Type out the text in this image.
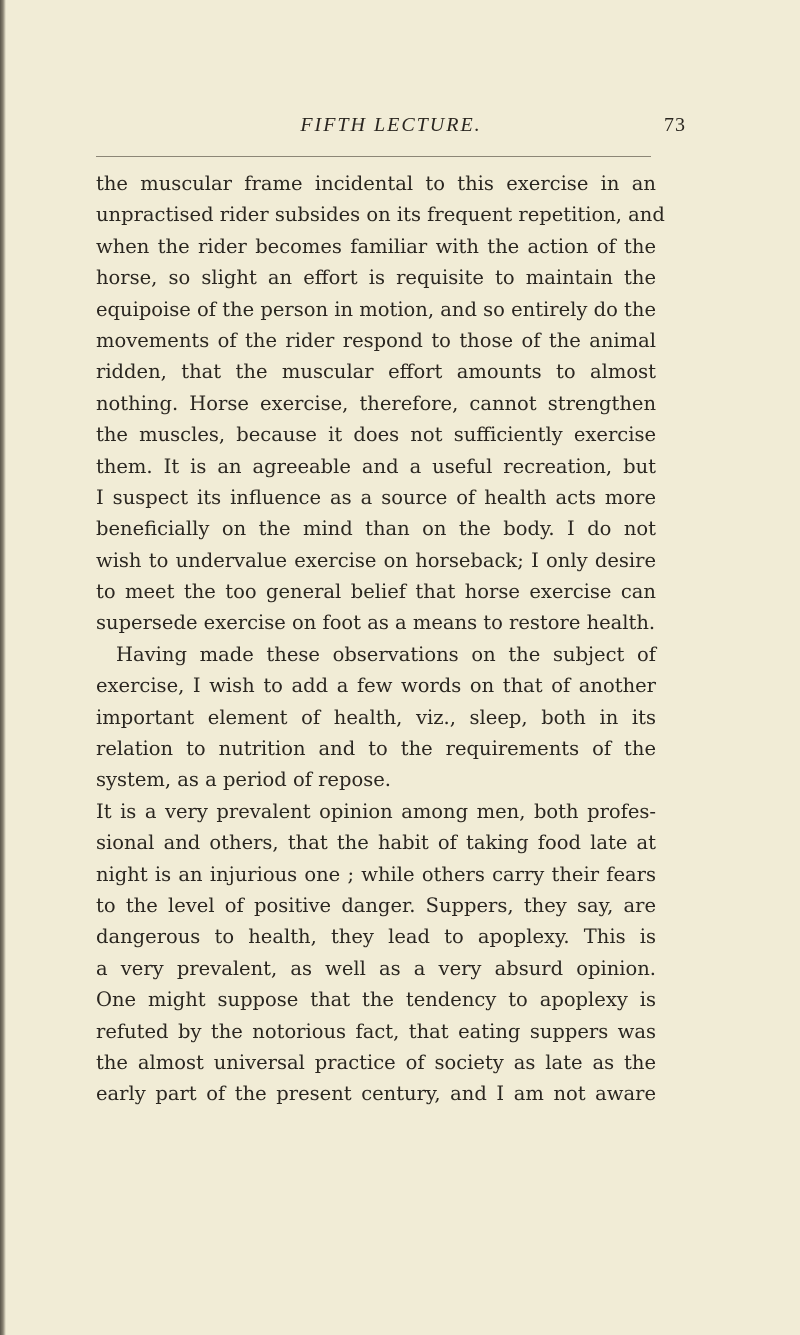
FIFTH LECTURE.	73
the muscular frame incidental to this exercise in an
unpractised rider subsides on its frequent repetition, and
when the rider becomes familiar with the action of the
horse, so slight an effort is requisite to maintain the
equipoise of the person in motion, and so entirely do the
movements of the rider respond to those of the animal
ridden, that the muscular effort amounts to almost
nothing. Horse exercise, therefore, cannot strengthen
the muscles, because it does not sufficiently exercise
them. It is an agreeable and a useful recreation, but
I suspect its influence as a source of health acts more
beneficially on the mind than on the body. I do not
wish to undervalue exercise on horseback; I only desire
to meet the too general belief that horse exercise can
supersede exercise on foot as a means to restore health.
Having made these observations on the subject of
exercise, I wish to add a few words on that of another
important element of health, viz., sleep, both in its
relation to nutrition and to the requirements of the
system, as a period of repose.
It is a very prevalent opinion among men, both profes-
sional and others, that the habit of taking food late at
night is an injurious one ; while others carry their fears
to the level of positive danger. Suppers, they say, are
dangerous to health, they lead to apoplexy. This is
a very prevalent, as well as a very absurd opinion.
One might suppose that the tendency to apoplexy is
refuted by the notorious fact, that eating suppers was
the almost universal practice of society as late as the
early part of the present century, and I am not aware
